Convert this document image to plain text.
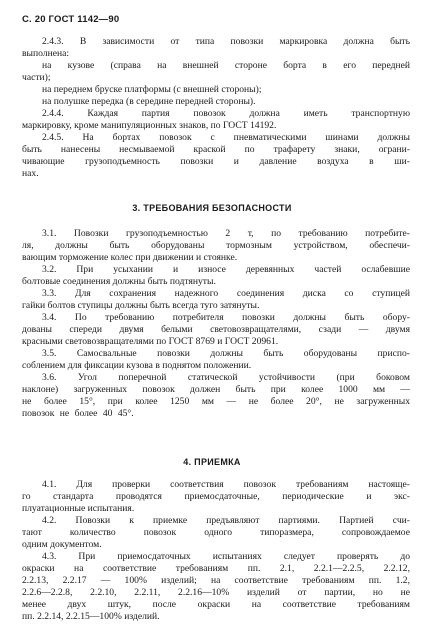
С. 20 ГОСТ 1142—90
2.4.3. В зависимости от типа повозки маркировка должна быть
выполнена:
на кузове (справа на внешней стороне борта в его передней
части);
на переднем бруске платформы (с внешней стороны);
на полушке передка (в середине передней стороны).
2.4.4. Каждая партия повозок должна иметь транспортную
маркировку, кроме манипуляционных знаков, по ГОСТ 14192.
2.4.5. На бортах повозок с пневматическими шинами должны
быть нанесены несмываемой краской по трафарету знаки, ограни-
чивающие грузоподъемность повозки и давление воздуха в ши-
нах.
3. ТРЕБОВАНИЯ БЕЗОПАСНОСТИ
3.1. Повозки грузоподъемностью 2 т, по требованию потребите-
ля, должны быть оборудованы тормозным устройством, обеспечи-
вающим торможение колес при движении и стоянке.
3.2. При усыхании и износе деревянных частей ослабевшие
болтовые соединения должны быть подтянуты.
3.3. Для сохранения надежного соединения диска со ступицей
гайки болтов ступицы должны быть всегда туго затянуты.
3.4. По требованию потребителя повозки должны быть обору-
дованы спереди двумя белыми световозвращателями, сзади — двумя
красными световозвращателями по ГОСТ 8769 и ГОСТ 20961.
3.5. Самосвальные повозки должны быть оборудованы приспо-
соблением для фиксации кузова в поднятом положении.
3.6. Угол поперечной статической устойчивости (при боковом
наклоне) загруженных повозок должен быть при колее 1000 мм —
не более 15°, при колее 1250 мм — не более 20°, не загруженных
повозок не более 40 45°.
4. ПРИЕМКА
4.1. Для проверки соответствия повозок требованиям настояще-
го стандарта проводятся приемосдаточные, периодические и экс-
плуатационные испытания.
4.2. Повозки к приемке предъявляют партиями. Партией счи-
тают количество повозок одного типоразмера, сопровождаемое
одним документом.
4.3. При приемосдаточных испытаниях следует проверять до
окраски на соответствие требованиям пп. 2.1, 2.2.1—2.2.5, 2.2.12,
2.2.13, 2.2.17 — 100% изделий; на соответствие требованиям пп. 1.2,
2.2.6—2.2.8, 2.2.10, 2.2.11, 2.2.16—10% изделий от партии, но не
менее двух штук, после окраски на соответствие требованиям
пп. 2.2.14, 2.2.15—100% изделий.
